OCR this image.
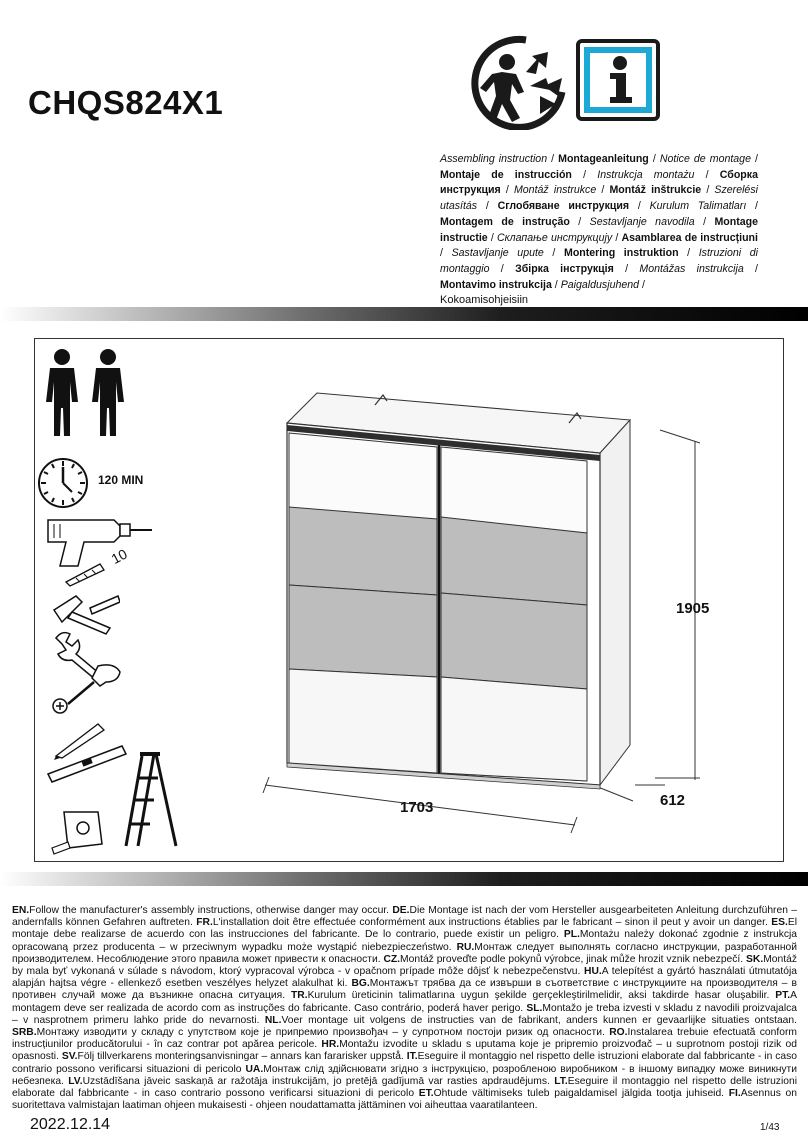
CHQS824X1
Assembling instruction / Montageanleitung / Notice de montage / Montaje de instrucción / Instrukcja montażu / Сборка инструкция / Montáž instrukce / Montáž inštrukcie / Szerelési utasítás / Сглобяване инструкция / Kurulum Talimatları / Montagem de instrução / Sestavljanje navodila / Montage instructie / Склапање инструкцију / Asamblarea de instrucțiuni / Sastavljanje upute / Montering instruktion / Istruzioni di montaggio / Збірка інструкція / Montážas instrukcija / Montavimo instrukcija / Paigaldusjuhend /
Kokoamisohjeisiin
120 MIN
10
1905
1703	612
EN.Follow the manufacturer's assembly instructions, otherwise danger may occur. DE.Die Montage ist nach der vom Hersteller ausgearbeiteten Anleitung durchzuführen – andernfalls können Gefahren auftreten. FR.L'installation doit être effectuée conformément aux instructions établies par le fabricant – sinon il peut y avoir un danger. ES.El montaje debe realizarse de acuerdo con las instrucciones del fabricante. De lo contrario, puede existir un peligro. PL.Montażu należy dokonać zgodnie z instrukcja opracowaną przez producenta – w przeciwnym wypadku może wystąpić niebezpieczeństwo. RU.Монтаж следует выполнять согласно инструкции, разработанной производителем. Несоблюдение этого правила может привести к опасности. CZ.Montáž proveďte podle pokynů výrobce, jinak může hrozit vznik nebezpečí. SK.Montáž by mala byť vykonaná v súlade s návodom, ktorý vypracoval výrobca - v opačnom prípade môže dôjsť k nebezpečenstvu. HU.A telepítést a gyártó használati útmutatója alapján hajtsa végre - ellenkező esetben veszélyes helyzet alakulhat ki. BG.Монтажът трябва да се извърши в съответствие с инструкциите на производителя – в противен случай може да възникне опасна ситуация. TR.Kurulum üreticinin talimatlarına uygun şekilde gerçekleştirilmelidir, aksi takdirde hasar oluşabilir. PT.A montagem deve ser realizada de acordo com as instruções do fabricante. Caso contrário, poderá haver perigo. SL.Montažo je treba izvesti v skladu z navodili proizvajalca – v nasprotnem primeru lahko pride do nevarnosti. NL.Voer montage uit volgens de instructies van de fabrikant, anders kunnen er gevaarlijke situaties ontstaan. SRB.Монтажу изводити у складу с упутством које је припремио произвођач – у супротном постоји ризик од опасности. RO.Instalarea trebuie efectuată conform instrucțiunilor producătorului - în caz contrar pot apărea pericole. HR.Montažu izvodite u skladu s uputama koje je pripremio proizvođač – u suprotnom postoji rizik od opasnosti. SV.Följ tillverkarens monteringsanvisningar – annars kan fararisker uppstå. IT.Eseguire il montaggio nel rispetto delle istruzioni elaborate dal fabbricante - in caso contrario possono verificarsi situazioni di pericolo UA.Монтаж слід здійснювати згідно з інструкцією, розробленою виробником - в іншому випадку може виникнути небезпека. LV.Uzstādīšana jāveic saskaņā ar ražotāja instrukcijām, jo pretējā gadījumā var rasties apdraudējums. LT.Eseguire il montaggio nel rispetto delle istruzioni elaborate dal fabbricante - in caso contrario possono verificarsi situazioni di pericolo ET.Ohtude vältimiseks tuleb paigaldamisel jälgida tootja juhiseid. FI.Asennus on suoritettava valmistajan laatiman ohjeen mukaisesti - ohjeen noudattamatta jättäminen voi aiheuttaa vaaratilanteen.
2022.12.14	1/43
